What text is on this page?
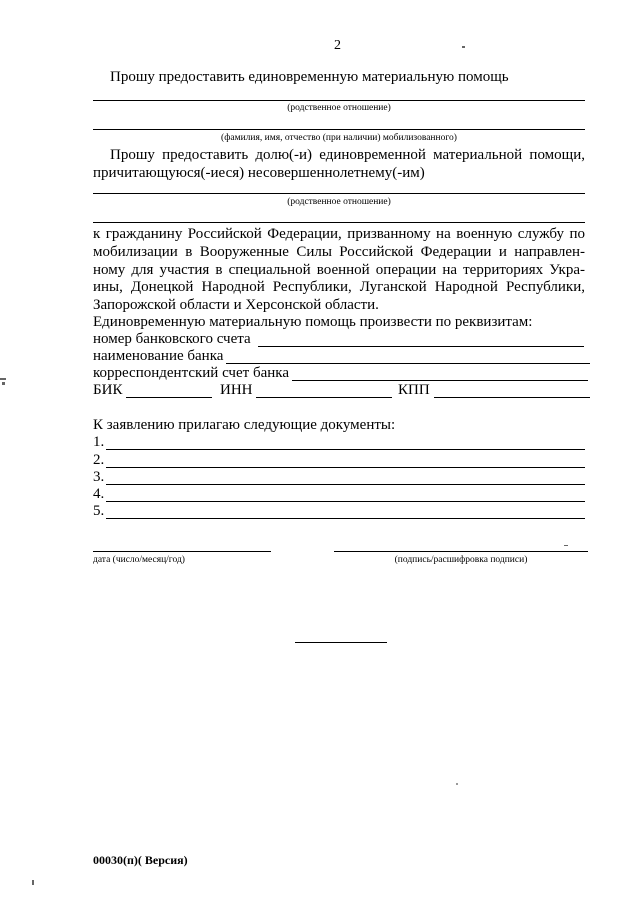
2
Прошу предоставить единовременную материальную помощь
(родственное отношение)
(фамилия, имя, отчество (при наличии) мобилизованного)
Прошу предоставить долю(-и) единовременной материальной помощи,
причитающуюся(-иеся) несовершеннолетнему(-им)
(родственное отношение)
к гражданину Российской Федерации, призванному на военную службу по
мобилизации в Вооруженные Силы Российской Федерации и направлен-
ному для участия в специальной военной операции на территориях Укра-
ины, Донецкой Народной Республики, Луганской Народной Республики,
Запорожской области и Херсонской области.
Единовременную материальную помощь произвести по реквизитам:
номер банковского счета
наименование банка
корреспондентский счет банка
БИК	ИНН	КПП
К заявлению прилагаю следующие документы:
1.
2.
3.
4.
5.
дата (число/месяц/год)	(подпись/расшифровка подписи)
00030(п)( Версия)
